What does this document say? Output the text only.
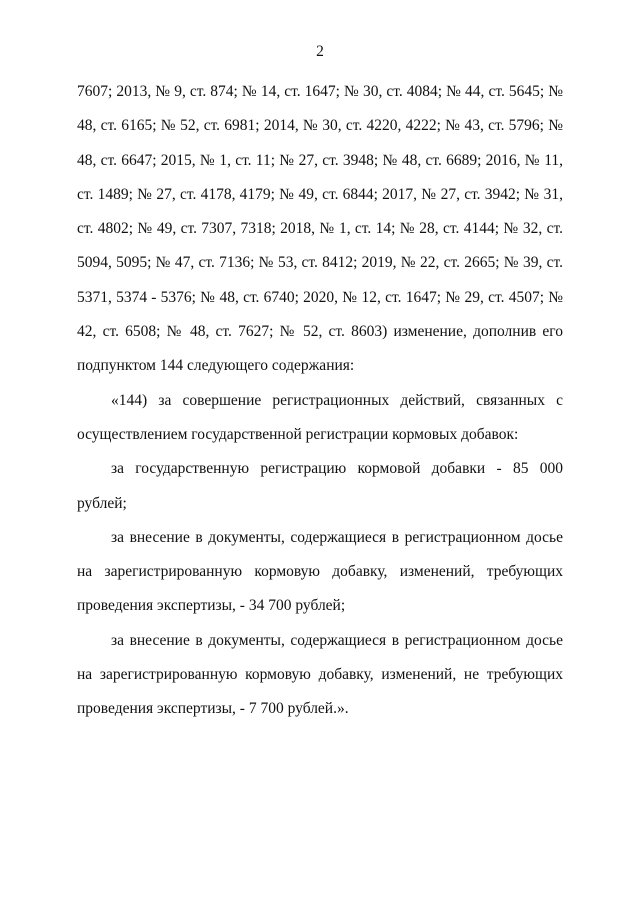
2

7607; 2013, № 9, ст. 874; № 14, ст. 1647; № 30, ст. 4084; № 44, ст. 5645; № 48, ст. 6165; № 52, ст. 6981; 2014, № 30, ст. 4220, 4222; № 43, ст. 5796; № 48, ст. 6647; 2015, № 1, ст. 11; № 27, ст. 3948; № 48, ст. 6689; 2016, № 11, ст. 1489; № 27, ст. 4178, 4179; № 49, ст. 6844; 2017, № 27, ст. 3942; № 31, ст. 4802; № 49, ст. 7307, 7318; 2018, № 1, ст. 14; № 28, ст. 4144; № 32, ст. 5094, 5095; № 47, ст. 7136; № 53, ст. 8412; 2019, № 22, ст. 2665; № 39, ст. 5371, 5374 - 5376; № 48, ст. 6740; 2020, № 12, ст. 1647; № 29, ст. 4507; № 42, ст. 6508; № 48, ст. 7627; № 52, ст. 8603) изменение, дополнив его подпунктом 144 следующего содержания:

«144) за совершение регистрационных действий, связанных с осуществлением государственной регистрации кормовых добавок:

за государственную регистрацию кормовой добавки - 85 000 рублей;

за внесение в документы, содержащиеся в регистрационном досье на зарегистрированную кормовую добавку, изменений, требующих проведения экспертизы, - 34 700 рублей;

за внесение в документы, содержащиеся в регистрационном досье на зарегистрированную кормовую добавку, изменений, не требующих проведения экспертизы, - 7 700 рублей.».
